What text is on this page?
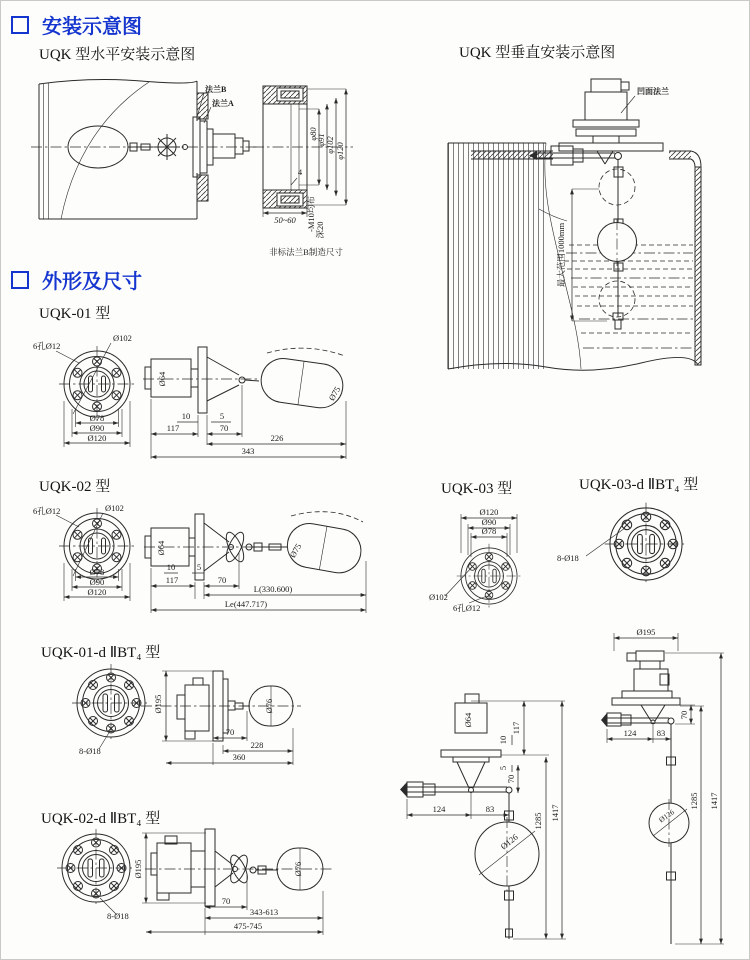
安装示意图
UQK 型水平安装示意图	UQK 型垂直安装示意图
外形及尺寸
UQK-01 型
UQK-02 型	UQK-03 型	UQK-03-d ⅡBT₄ 型
UQK-01-d ⅡBT₄ 型
UQK-02-d ⅡBT₄ 型
法兰B
法兰A
φ80
φ91 φ102 φ120
4
50~60 -M10均布 深20
非标法兰B制造尺寸
凹面法兰
最大范围1000mm
6孔Ø12
Ø102
Ø78
Ø90
Ø120
Ø64
Ø75
10	5
117	70
226
343
6孔Ø12	Ø102
Ø78
Ø90
Ø120
Ø64	Ø75
10	5
117	70
L(330.600)
Le(447.717)
Ø120
Ø90
Ø78
Ø102
6孔Ø12
8-Ø18
8-Ø18
Ø195	Ø76
70
228
360
8-Ø18
Ø195	Ø76
70
343-613
475-745
Ø64
Ø126
117
10
5
70
124	83
1285 1417
Ø195
Ø126
70
124 83
1285 1417
